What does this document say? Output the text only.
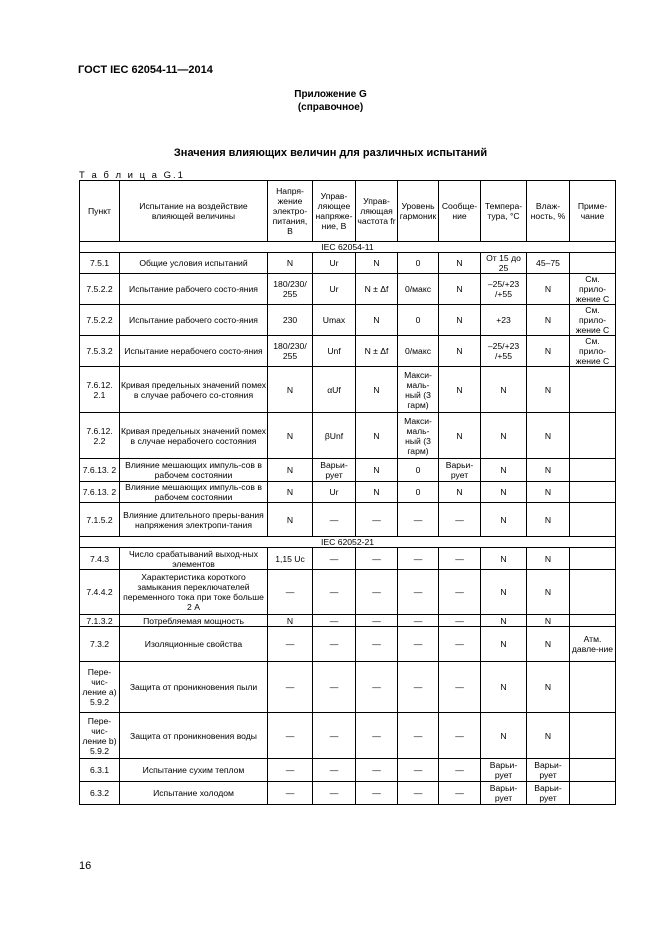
ГОСТ IEC 62054-11—2014
Приложение G
(справочное)
Значения влияющих величин для различных испытаний
Т а б л и ц а G.1
Пункт	Испытание на воздействие влияющей величины	Напря-жение электро-питания, В	Управ-ляющее напряже-ние, В	Управ-ляющая частота fr	Уровень гармоник	Сообще-ние	Темпера-тура, °C	Влаж-ность, %	Приме-чание
IEC 62054-11									
7.5.1	Общие условия испытаний	N	Ur	N	0	N	От 15 до 25	45–75	
7.5.2.2	Испытание рабочего состо-яния	180/230/ 255	Ur	N ± Δf	0/макс	N	–25/+23 /+55	N	См. прило-жение C
7.5.2.2	Испытание рабочего состо-яния	230	Umax	N	0	N	+23	N	См. прило-жение C
7.5.3.2	Испытание нерабочего состо-яния	180/230/ 255	Unf	N ± Δf	0/макс	N	–25/+23 /+55	N	См. прило-жение C
7.6.12. 2.1	Кривая предельных значений помех в случае рабочего со-стояния	N	αUf	N	Макси-маль-ный (3 гарм)	N	N	N	
7.6.12. 2.2	Кривая предельных значений помех в случае нерабочего состояния	N	βUnf	N	Макси-маль-ный (3 гарм)	N	N	N	
7.6.13. 2	Влияние мешающих импуль-сов в рабочем состоянии	N	Варьи-рует	N	0	Варьи-рует	N	N	
7.6.13. 2	Влияние мешающих импуль-сов в рабочем состоянии	N	Ur	N	0	N	N	N	
7.1.5.2	Влияние длительного преры-вания напряжения электропи-тания	N	—	—	—	—	N	N	
IEC 62052-21									
7.4.3	Число срабатываний выход-ных элементов	1,15 Uc	—	—	—	—	N	N	
7.4.4.2	Характеристика короткого замыкания переключателей переменного тока при токе больше 2 А	—	—	—	—	—	N	N	
7.1.3.2	Потребляемая мощность	N	—	—	—	—	N	N	
7.3.2	Изоляционные свойства	—	—	—	—	—	N	N	Атм. давле-ние
Пере-чис-ление а) 5.9.2	Защита от проникновения пыли	—	—	—	—	—	N	N	
Пере-чис-ление b) 5.9.2	Защита от проникновения воды	—	—	—	—	—	N	N	
6.3.1	Испытание сухим теплом	—	—	—	—	—	Варьи-рует	Варьи-рует	
6.3.2	Испытание холодом	—	—	—	—	—	Варьи-рует	Варьи-рует	
16
